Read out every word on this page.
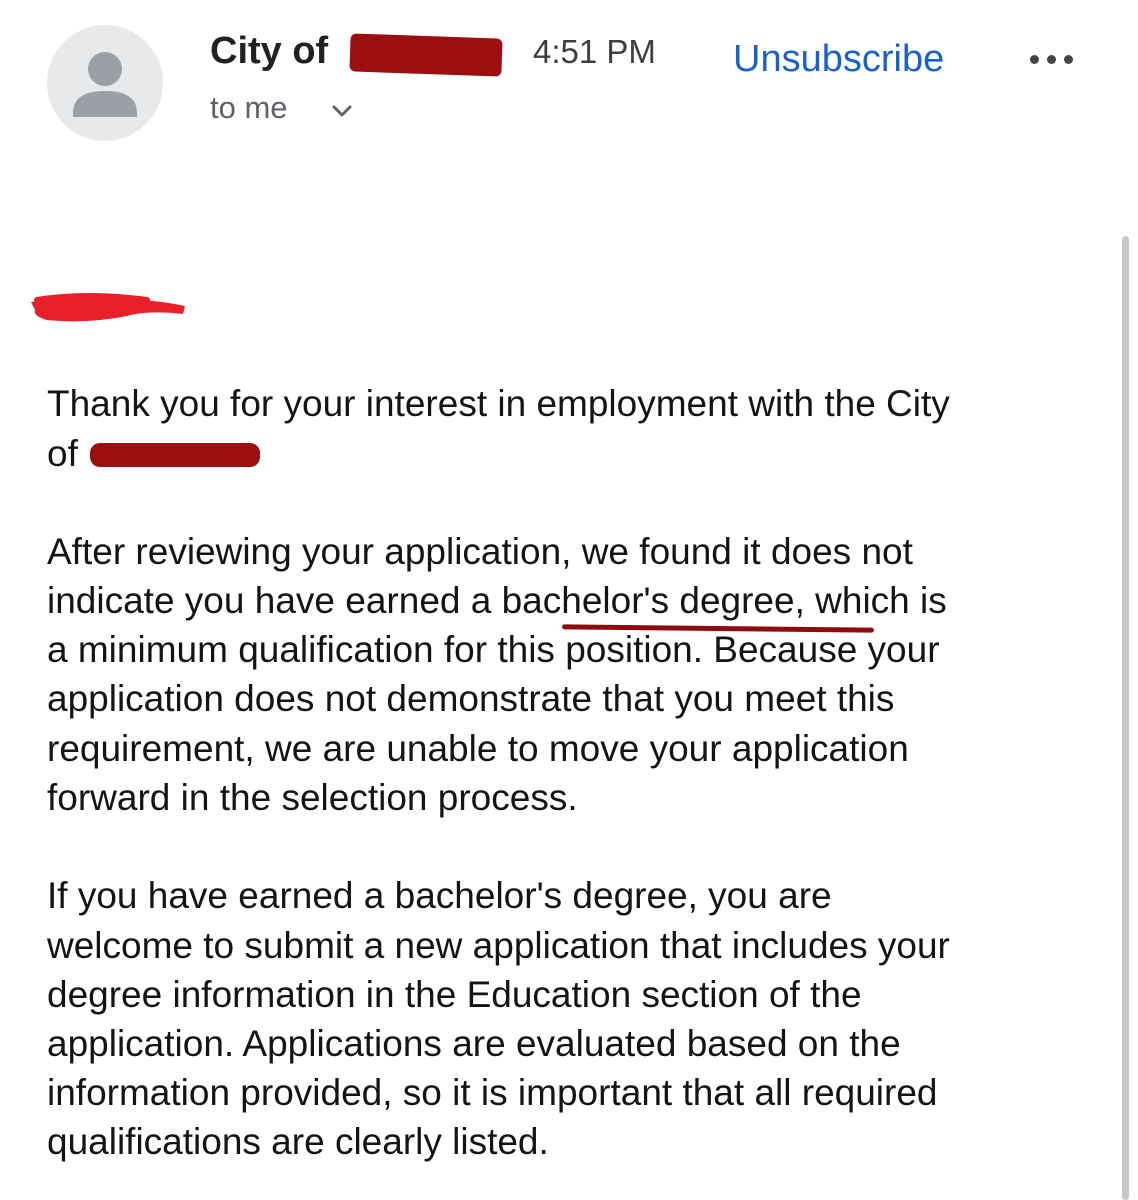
City of	4:51 PM Unsubscribe
to me
Thank you for your interest in employment with the City
of
After reviewing your application, we found it does not
indicate you have earned a bachelor's degree, which is
a minimum qualification for this position. Because your
application does not demonstrate that you meet this
requirement, we are unable to move your application
forward in the selection process.
If you have earned a bachelor's degree, you are
welcome to submit a new application that includes your
degree information in the Education section of the
application. Applications are evaluated based on the
information provided, so it is important that all required
qualifications are clearly listed.
